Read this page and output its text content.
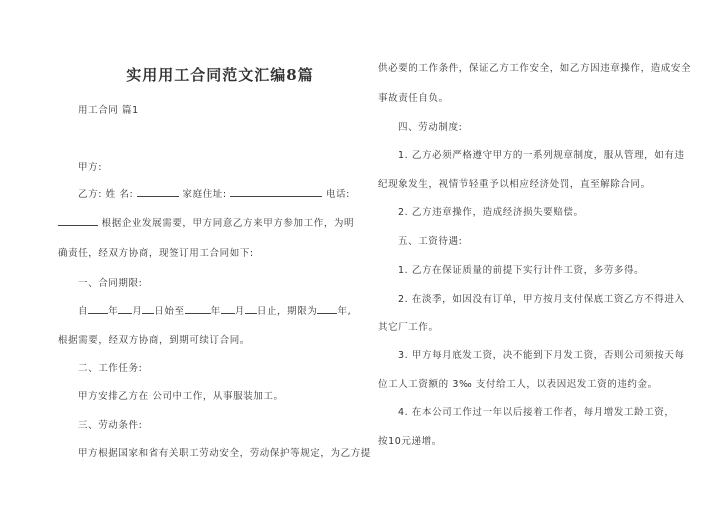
实用用工合同范文汇编8篇
用工合同 篇1
甲方:
乙方: 姓 名:	家庭住址:	电话:
根据企业发展需要，甲方同意乙方来甲方参加工作，为明
确责任，经双方协商，现签订用工合同如下:
一、合同期限:
自 年 月 日始至	年 月 日止，期限为 年,
根据需要，经双方协商，到期可续订合同。
二、工作任务:
甲方安排乙方在 公司中工作，从事服装加工。
三、劳动条件:
甲方根据国家和省有关职工劳动安全，劳动保护等规定，为乙方提
供必要的工作条件，保证乙方工作安全，如乙方因违章操作，造成安全
事故责任自负。
四、劳动制度:
1. 乙方必须严格遵守甲方的一系列规章制度，服从管理，如有违
纪现象发生，视情节轻重予以相应经济处罚，直至解除合同。
2. 乙方违章操作，造成经济损失要赔偿。
五、工资待遇:
1. 乙方在保证质量的前提下实行计件工资，多劳多得。
2. 在淡季，如因没有订单，甲方按月支付保底工资乙方不得进入
其它厂工作。
3. 甲方每月底发工资，决不能到下月发工资，否则公司须按天每
位工人工资额的 3‰ 支付给工人，以表因迟发工资的违约金。
4. 在本公司工作过一年以后接着工作者，每月增发工龄工资，
按10元递增。
